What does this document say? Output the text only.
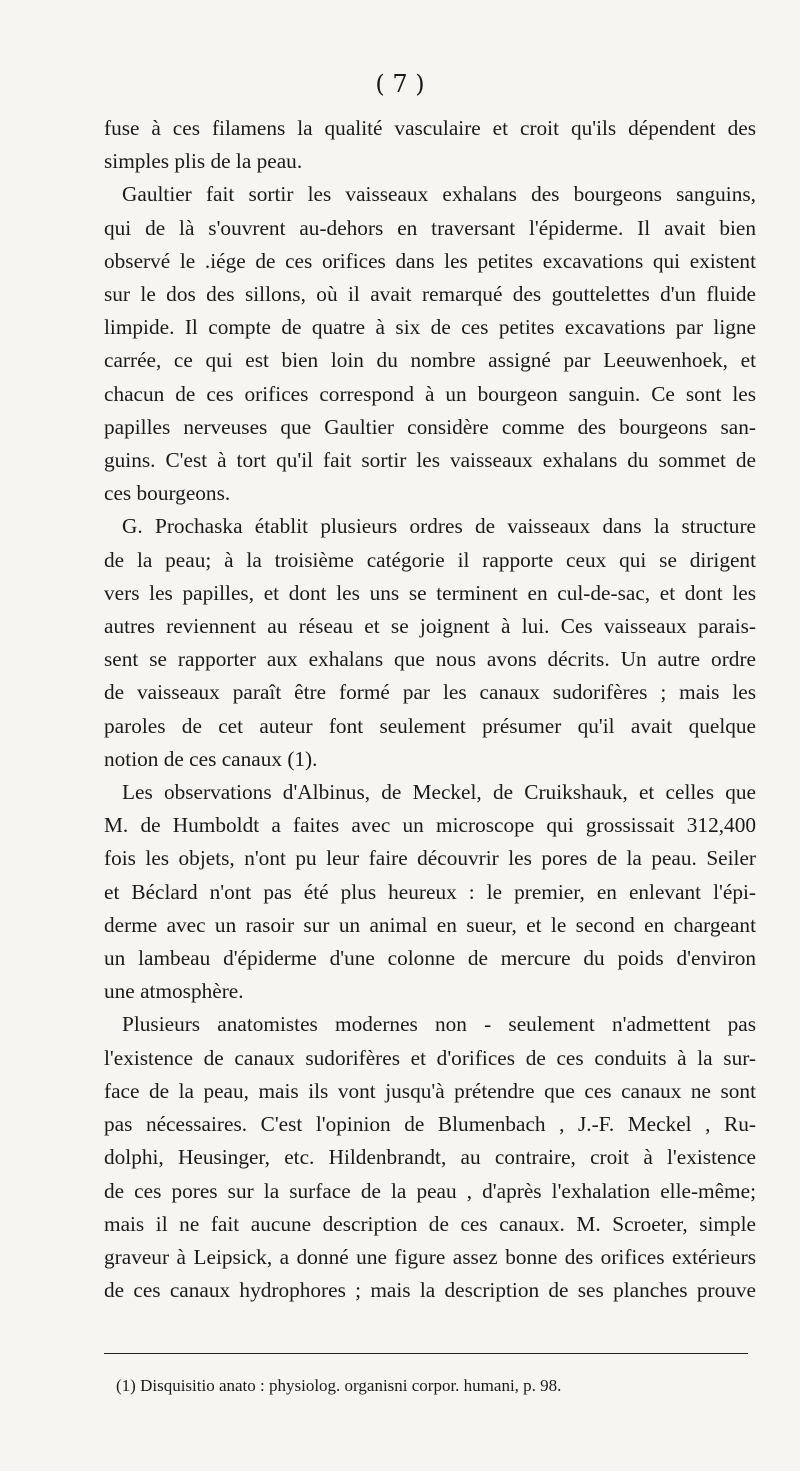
( 7 )
fuse à ces filamens la qualité vasculaire et croit qu'ils dépendent des
simples plis de la peau.
Gaultier fait sortir les vaisseaux exhalans des bourgeons sanguins,
qui de là s'ouvrent au-dehors en traversant l'épiderme. Il avait bien
observé le .iége de ces orifices dans les petites excavations qui existent
sur le dos des sillons, où il avait remarqué des gouttelettes d'un fluide
limpide. Il compte de quatre à six de ces petites excavations par ligne
carrée, ce qui est bien loin du nombre assigné par Leeuwenhoek, et
chacun de ces orifices correspond à un bourgeon sanguin. Ce sont les
papilles nerveuses que Gaultier considère comme des bourgeons san-
guins. C'est à tort qu'il fait sortir les vaisseaux exhalans du sommet de
ces bourgeons.
G. Prochaska établit plusieurs ordres de vaisseaux dans la structure
de la peau; à la troisième catégorie il rapporte ceux qui se dirigent
vers les papilles, et dont les uns se terminent en cul-de-sac, et dont les
autres reviennent au réseau et se joignent à lui. Ces vaisseaux parais-
sent se rapporter aux exhalans que nous avons décrits. Un autre ordre
de vaisseaux paraît être formé par les canaux sudorifères ; mais les
paroles de cet auteur font seulement présumer qu'il avait quelque
notion de ces canaux (1).
Les observations d'Albinus, de Meckel, de Cruikshauk, et celles que
M. de Humboldt a faites avec un microscope qui grossissait 312,400
fois les objets, n'ont pu leur faire découvrir les pores de la peau. Seiler
et Béclard n'ont pas été plus heureux : le premier, en enlevant l'épi-
derme avec un rasoir sur un animal en sueur, et le second en chargeant
un lambeau d'épiderme d'une colonne de mercure du poids d'environ
une atmosphère.
Plusieurs anatomistes modernes non - seulement n'admettent pas
l'existence de canaux sudorifères et d'orifices de ces conduits à la sur-
face de la peau, mais ils vont jusqu'à prétendre que ces canaux ne sont
pas nécessaires. C'est l'opinion de Blumenbach , J.-F. Meckel , Ru-
dolphi, Heusinger, etc. Hildenbrandt, au contraire, croit à l'existence
de ces pores sur la surface de la peau , d'après l'exhalation elle-même;
mais il ne fait aucune description de ces canaux. M. Scroeter, simple
graveur à Leipsick, a donné une figure assez bonne des orifices extérieurs
de ces canaux hydrophores ; mais la description de ses planches prouve
(1) Disquisitio anato : physiolog. organisni corpor. humani, p. 98.
